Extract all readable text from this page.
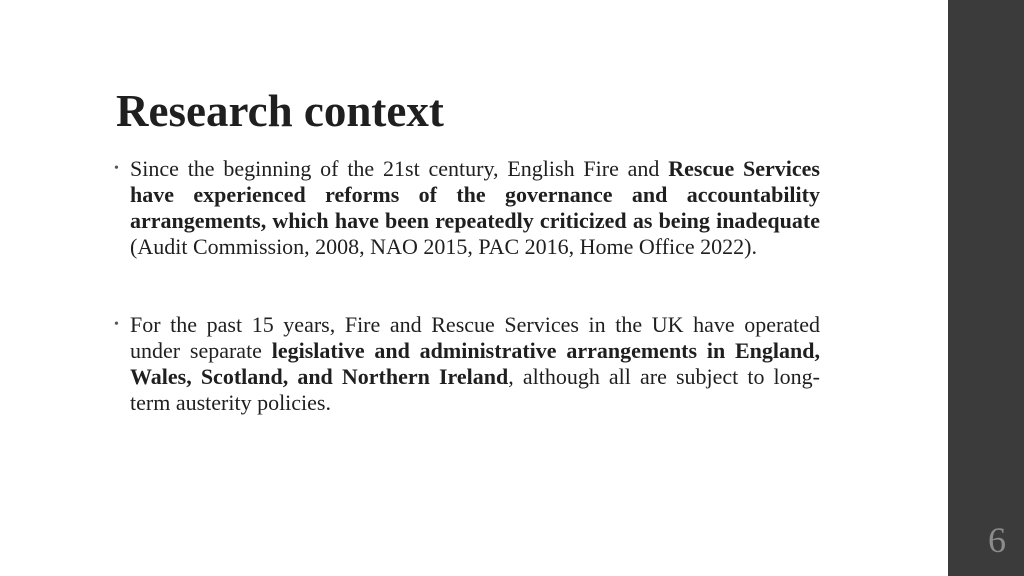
Research context
• Since the beginning of the 21st century, English Fire and Rescue Services have experienced reforms of the governance and accountability arrangements, which have been repeatedly criticized as being inadequate (Audit Commission, 2008, NAO 2015, PAC 2016, Home Office 2022).
• For the past 15 years, Fire and Rescue Services in the UK have operated under separate legislative and administrative arrangements in England, Wales, Scotland, and Northern Ireland, although all are subject to long-term austerity policies.
6
